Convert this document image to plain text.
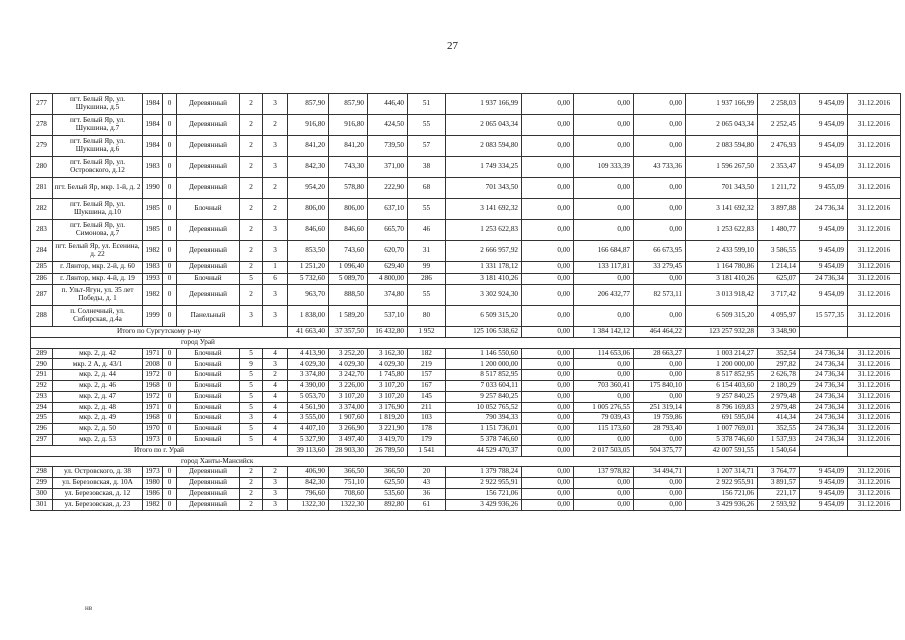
27
277	пгт. Белый Яр, ул. Шукшина, д.5	1984	0	Деревянный	2	3	857,90	857,90	446,40	51	1 937 166,99	0,00	0,00	0,00	1 937 166,99	2 258,03	9 454,09	31.12.2016
278	пгт. Белый Яр, ул. Шукшина, д.7	1984	0	Деревянный	2	2	916,80	916,80	424,50	55	2 065 043,34	0,00	0,00	0,00	2 065 043,34	2 252,45	9 454,09	31.12.2016
279	пгт. Белый Яр, ул. Шукшина, д.6	1984	0	Деревянный	2	3	841,20	841,20	739,50	57	2 083 594,80	0,00	0,00	0,00	2 083 594,80	2 476,93	9 454,09	31.12.2016
280	пгт. Белый Яр, ул. Островского, д.12	1983	0	Деревянный	2	3	842,30	743,30	371,00	38	1 749 334,25	0,00	109 333,39	43 733,36	1 596 267,50	2 353,47	9 454,09	31.12.2016
281	пгт. Белый Яр, мкр. 1-й, д. 2	1990	0	Деревянный	2	2	954,20	578,80	222,90	68	701 343,50	0,00	0,00	0,00	701 343,50	1 211,72	9 455,09	31.12.2016
282	пгт. Белый Яр, ул. Шукшина, д.10	1985	0	Блочный	2	2	806,00	806,00	637,10	55	3 141 692,32	0,00	0,00	0,00	3 141 692,32	3 897,88	24 736,34	31.12.2016
283	пгт. Белый Яр, ул. Симонова, д.7	1985	0	Деревянный	2	3	846,60	846,60	665,70	46	1 253 622,83	0,00	0,00	0,00	1 253 622,83	1 480,77	9 454,09	31.12.2016
284	пгт. Белый Яр, ул. Есенина, д. 22	1982	0	Деревянный	2	3	853,50	743,60	620,70	31	2 666 957,92	0,00	166 684,87	66 673,95	2 433 599,10	3 586,55	9 454,09	31.12.2016
285	г. Лянтор, мкр. 2-й, д. 60	1983	0	Деревянный	2	1	1 251,20	1 096,40	629,40	99	1 331 178,12	0,00	133 117,81	33 279,45	1 164 780,86	1 214,14	9 454,09	31.12.2016
286	г. Лянтор, мкр. 4-й, д. 19	1993	0	Блочный	5	6	5 732,60	5 089,70	4 800,00	286	3 181 410,26	0,00	0,00	0,00	3 181 410,26	625,07	24 736,34	31.12.2016
287	п. Ульт-Ягун, ул. 35 лет Победы, д. 1	1982	0	Деревянный	2	3	963,70	888,50	374,80	55	3 302 924,30	0,00	206 432,77	82 573,11	3 013 918,42	3 717,42	9 454,09	31.12.2016
288	п. Солнечный, ул. Сибирская, д.4а	1999	0	Панельный	3	3	1 838,00	1 589,20	537,10	80	6 509 315,20	0,00	0,00	0,00	6 509 315,20	4 095,97	15 577,35	31.12.2016
Итого по Сургутскому р-ну							41 663,40	37 357,50	16 432,80	1 952	125 106 538,62	0,00	1 384 142,12	464 464,22	123 257 932,28	3 348,90		
город Урай																		
289	мкр. 2, д. 42	1971	0	Блочный	5	4	4 413,90	3 252,20	3 162,30	182	1 146 550,60	0,00	114 653,06	28 663,27	1 003 214,27	352,54	24 736,34	31.12.2016
290	мкр. 2 А, д. 43/1	2008	0	Блочный	9	3	4 029,30	4 029,30	4 029,30	219	1 200 000,00	0,00	0,00	0,00	1 200 000,00	297,82	24 736,34	31.12.2016
291	мкр. 2, д. 44	1972	0	Блочный	5	2	3 374,80	3 242,70	1 745,80	157	8 517 852,95	0,00	0,00	0,00	8 517 852,95	2 626,78	24 736,34	31.12.2016
292	мкр. 2, д. 46	1968	0	Блочный	5	4	4 390,00	3 226,00	3 107,20	167	7 033 604,11	0,00	703 360,41	175 840,10	6 154 403,60	2 180,29	24 736,34	31.12.2016
293	мкр. 2, д. 47	1972	0	Блочный	5	4	5 053,70	3 107,20	3 107,20	145	9 257 840,25	0,00	0,00	0,00	9 257 840,25	2 979,48	24 736,34	31.12.2016
294	мкр. 2, д. 48	1971	0	Блочный	5	4	4 561,90	3 374,00	3 176,90	211	10 052 765,52	0,00	1 005 276,55	251 319,14	8 796 169,83	2 979,48	24 736,34	31.12.2016
295	мкр. 2, д. 49	1968	0	Блочный	3	4	3 555,00	1 907,60	1 819,20	103	790 394,33	0,00	79 039,43	19 759,86	691 595,04	414,34	24 736,34	31.12.2016
296	мкр. 2, д. 50	1970	0	Блочный	5	4	4 407,10	3 266,90	3 221,90	178	1 151 736,01	0,00	115 173,60	28 793,40	1 007 769,01	352,55	24 736,34	31.12.2016
297	мкр. 2, д. 53	1973	0	Блочный	5	4	5 327,90	3 497,40	3 419,70	179	5 378 746,60	0,00	0,00	0,00	5 378 746,60	1 537,93	24 736,34	31.12.2016
Итого по г. Урай							39 113,60	28 903,30	26 789,50	1 541	44 529 470,37	0,00	2 017 503,05	504 375,77	42 007 591,55	1 540,64		
город Ханты-Мансийск																		
298	ул. Островского, д. 38	1973	0	Деревянный	2	2	406,90	366,50	366,50	20	1 379 788,24	0,00	137 978,82	34 494,71	1 207 314,71	3 764,77	9 454,09	31.12.2016
299	ул. Березовская, д. 10А	1980	0	Деревянный	2	3	842,30	751,10	625,50	43	2 922 955,91	0,00	0,00	0,00	2 922 955,91	3 891,57	9 454,09	31.12.2016
300	ул. Березовская, д. 12	1986	0	Деревянный	2	3	796,60	708,60	535,60	36	156 721,06	0,00	0,00	0,00	156 721,06	221,17	9 454,09	31.12.2016
301	ул. Березовская, д. 23	1982	0	Деревянный	2	3	1322,30	1322,30	892,80	61	3 429 936,26	0,00	0,00	0,00	3 429 936,26	2 593,92	9 454,09	31.12.2016
нв
